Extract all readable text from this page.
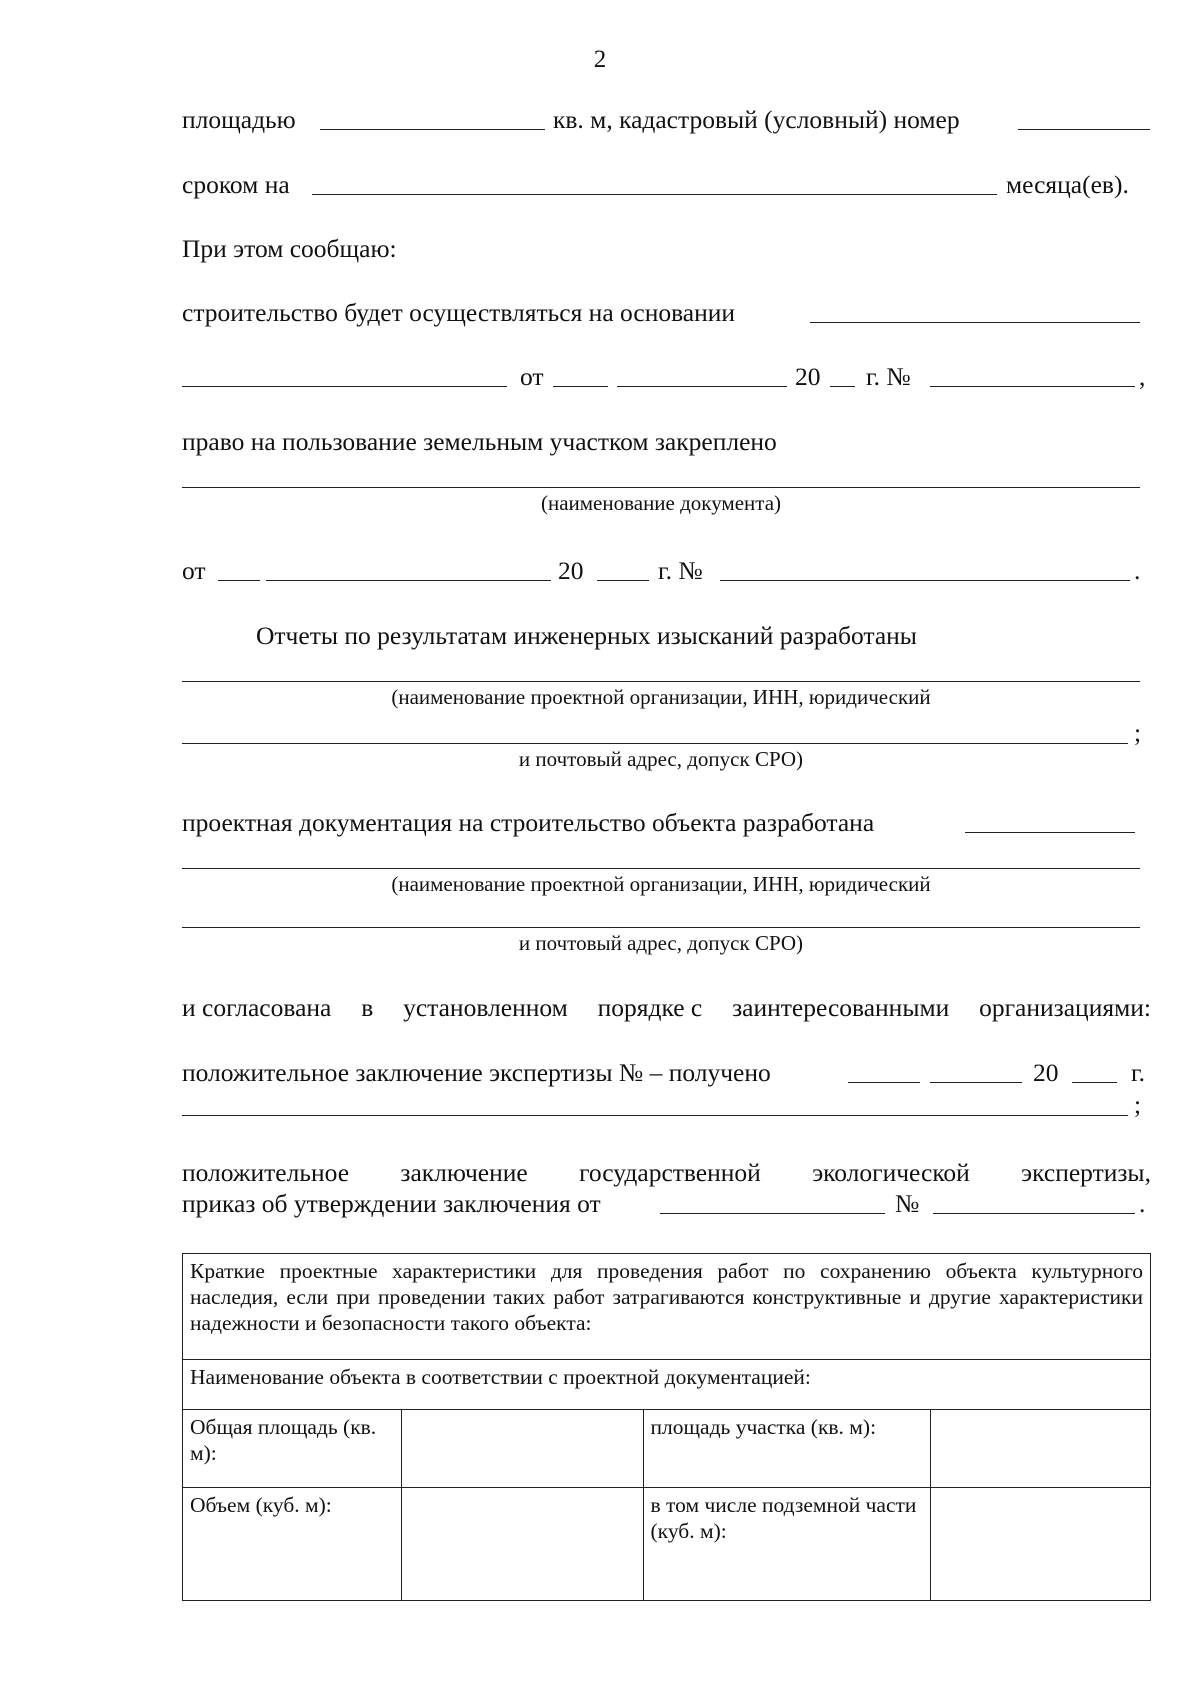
2
площадью	кв. м, кадастровый (условный) номер
сроком на	месяца(ев).
При этом сообщаю:
строительство будет осуществляться на основании
от	20 г. №	,
право на пользование земельным участком закреплено
(наименование документа)
от	20	г. №	.
Отчеты по результатам инженерных изысканий разработаны
(наименование проектной организации, ИНН, юридический
;
и почтовый адрес, допуск СРО)
проектная документация на строительство объекта разработана
(наименование проектной организации, ИНН, юридический
и почтовый адрес, допуск СРО)
и согласована в установленном порядке с заинтересованными организациями:
положительное заключение экспертизы № – получено	20	г.
;
положительное заключение государственной экологической экспертизы,
приказ об утверждении заключения от	№	.
Краткие проектные характеристики для проведения работ по сохранению объекта культурного наследия, если при проведении таких работ затрагиваются конструктивные и другие характеристики надежности и безопасности такого объекта:			
Наименование объекта в соответствии с проектной документацией:			
Общая площадь (кв. м):		площадь участка (кв. м):	
Объем (куб. м):		в том числе подземной части (куб. м):	
